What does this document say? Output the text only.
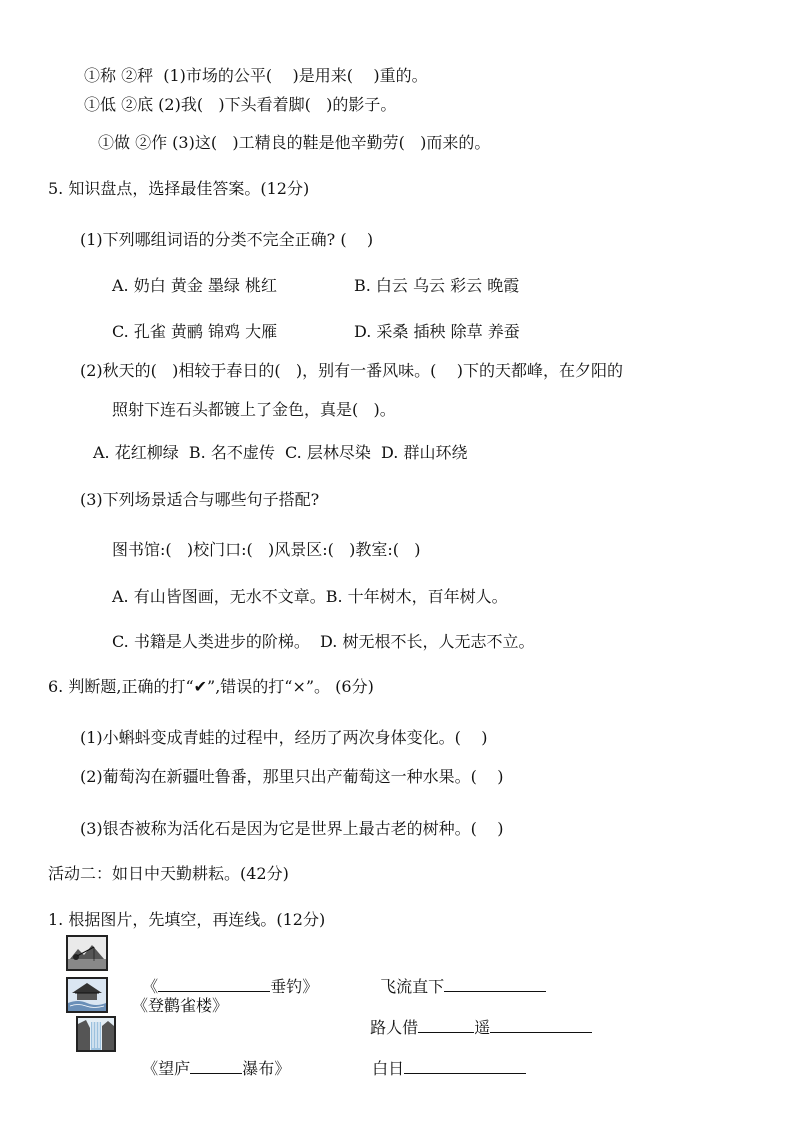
①称 ②秤  (1)市场的公平(    )是用来(    )重的。
①低 ②底 (2)我(   )下头看着脚(   )的影子。
①做 ②作 (3)这(   )工精良的鞋是他辛勤劳(   )而来的。
5. 知识盘点，选择最佳答案。(12分)
(1)下列哪组词语的分类不完全正确? (    )
A. 奶白 黄金 墨绿 桃红	B. 白云 乌云 彩云 晚霞
C. 孔雀 黄鹂 锦鸡 大雁	D. 采桑 插秧 除草 养蚕
(2)秋天的(   )相较于春日的(   )，别有一番风味。(    )下的天都峰，在夕阳的
照射下连石头都镀上了金色，真是(   )。
A. 花红柳绿  B. 名不虚传  C. 层林尽染  D. 群山环绕
(3)下列场景适合与哪些句子搭配?
图书馆:(   )校门口:(   )风景区:(   )教室:(   )
A. 有山皆图画，无水不文章。B. 十年树木，百年树人。
C. 书籍是人类进步的阶梯。  D. 树无根不长，人无志不立。
6. 判断题,正确的打“✔”,错误的打“×”。 (6分)
(1)小蝌蚪变成青蛙的过程中，经历了两次身体变化。(    )
(2)葡萄沟在新疆吐鲁番，那里只出产葡萄这一种水果。(    )
(3)银杏被称为活化石是因为它是世界上最古老的树种。(    )
活动二：如日中天勤耕耘。(42分)
1. 根据图片，先填空，再连线。(12分)

《	垂钓》	飞流直下

《登鹳雀楼》

路人借	遥

《望庐	瀑布》	白日
